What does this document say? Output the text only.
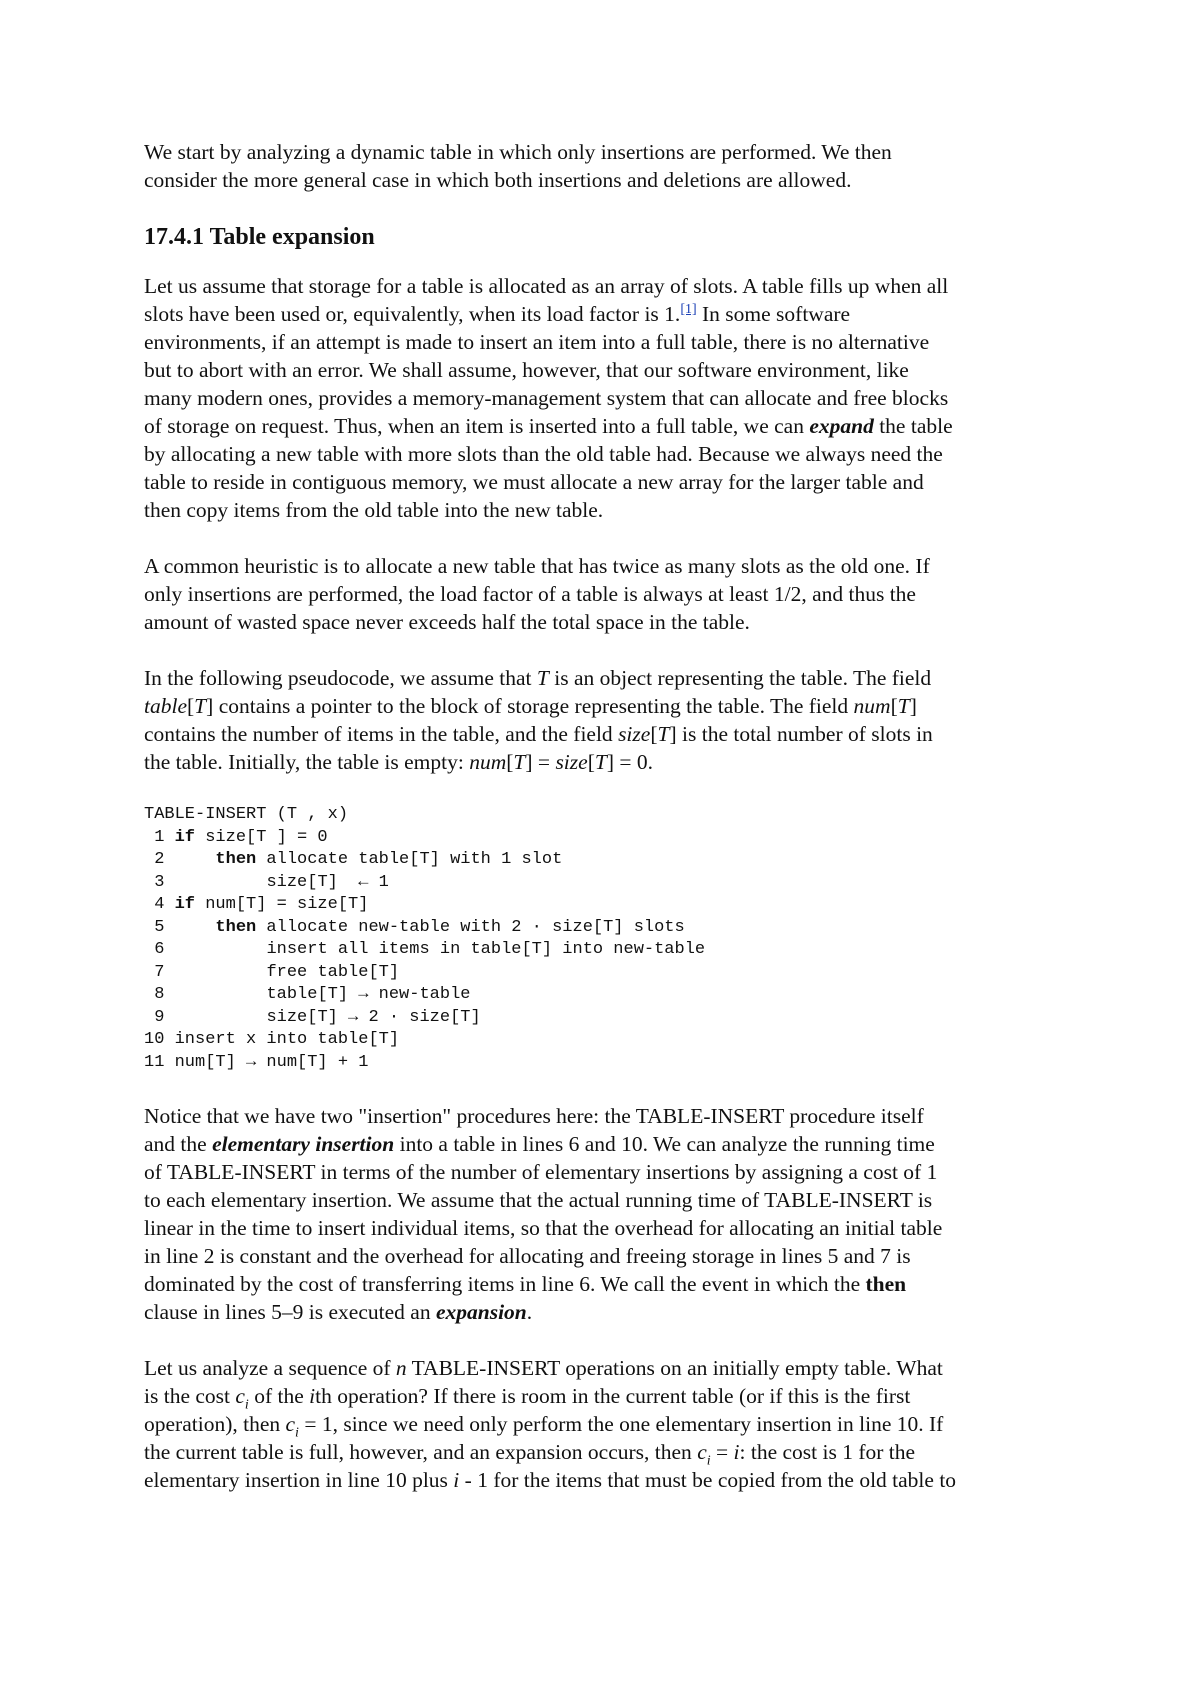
We start by analyzing a dynamic table in which only insertions are performed. We then
consider the more general case in which both insertions and deletions are allowed.

17.4.1 Table expansion

Let us assume that storage for a table is allocated as an array of slots. A table fills up when all
slots have been used or, equivalently, when its load factor is 1.[1] In some software
environments, if an attempt is made to insert an item into a full table, there is no alternative
but to abort with an error. We shall assume, however, that our software environment, like
many modern ones, provides a memory-management system that can allocate and free blocks
of storage on request. Thus, when an item is inserted into a full table, we can expand the table
by allocating a new table with more slots than the old table had. Because we always need the
table to reside in contiguous memory, we must allocate a new array for the larger table and
then copy items from the old table into the new table.

A common heuristic is to allocate a new table that has twice as many slots as the old one. If
only insertions are performed, the load factor of a table is always at least 1/2, and thus the
amount of wasted space never exceeds half the total space in the table.

In the following pseudocode, we assume that T is an object representing the table. The field
table[T] contains a pointer to the block of storage representing the table. The field num[T]
contains the number of items in the table, and the field size[T] is the total number of slots in
the table. Initially, the table is empty: num[T] = size[T] = 0.

TABLE-INSERT (T , x)
1 if size[T ] = 0
2	then allocate table[T] with 1 slot
3	size[T]  ← 1
4 if num[T] = size[T]
5	then allocate new-table with 2 · size[T] slots
6	insert all items in table[T] into new-table
7	free table[T]
8	table[T] → new-table
9	size[T] → 2 · size[T]
10 insert x into table[T]
11 num[T] → num[T] + 1

Notice that we have two "insertion" procedures here: the TABLE-INSERT procedure itself
and the elementary insertion into a table in lines 6 and 10. We can analyze the running time
of TABLE-INSERT in terms of the number of elementary insertions by assigning a cost of 1
to each elementary insertion. We assume that the actual running time of TABLE-INSERT is
linear in the time to insert individual items, so that the overhead for allocating an initial table
in line 2 is constant and the overhead for allocating and freeing storage in lines 5 and 7 is
dominated by the cost of transferring items in line 6. We call the event in which the then
clause in lines 5–9 is executed an expansion.

Let us analyze a sequence of n TABLE-INSERT operations on an initially empty table. What
is the cost $c_i$ of the ith operation? If there is room in the current table (or if this is the first
operation), then $c_i = 1$, since we need only perform the one elementary insertion in line 10. If
the current table is full, however, and an expansion occurs, then $c_i = i$: the cost is 1 for the
elementary insertion in line 10 plus i - 1 for the items that must be copied from the old table to
